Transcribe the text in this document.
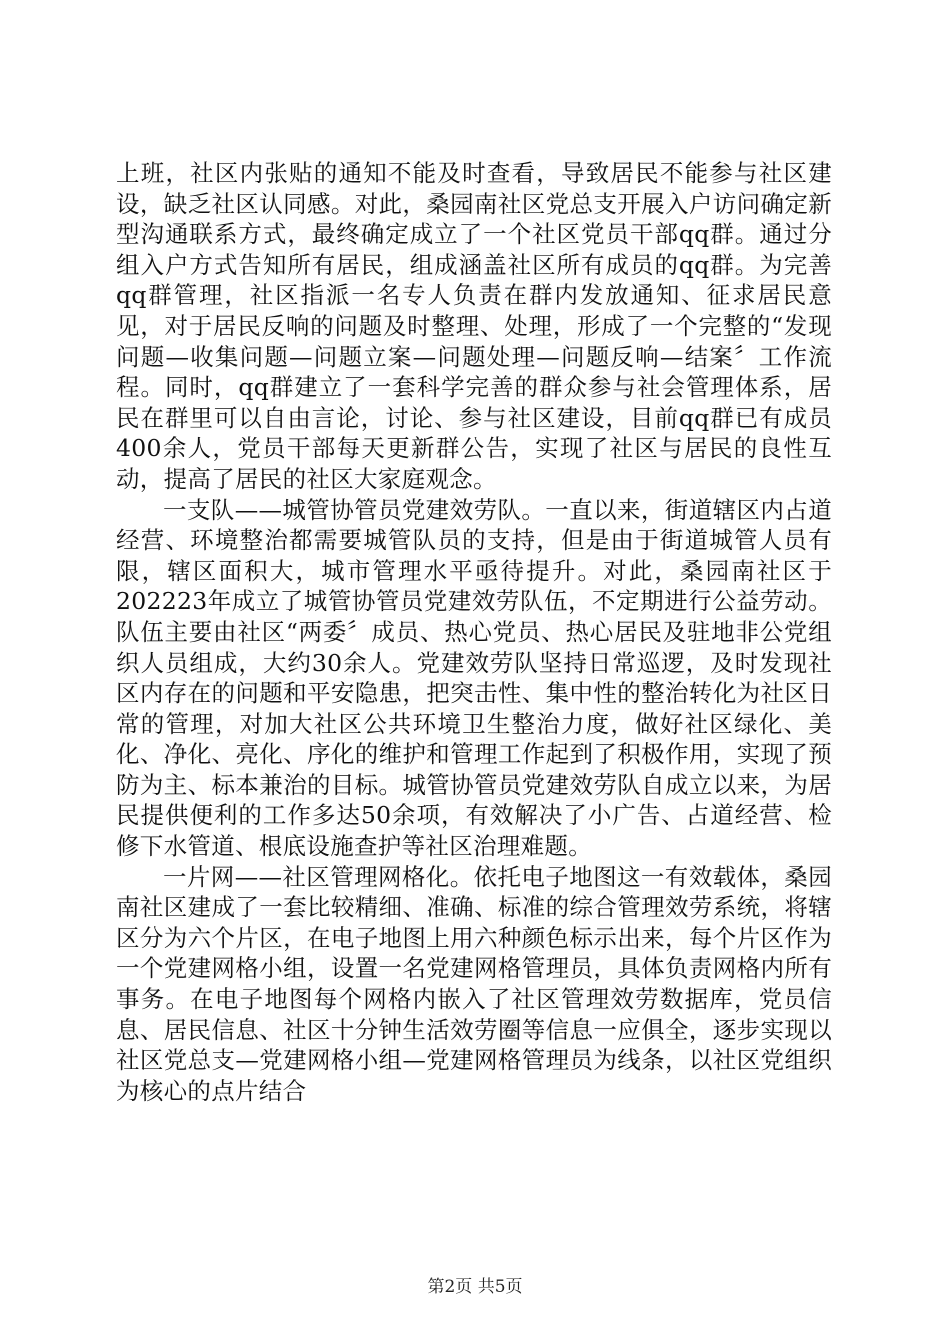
上班，社区内张贴的通知不能及时查看，导致居民不能参与社区建设，缺乏社区认同感。对此，桑园南社区党总支开展入户访问确定新型沟通联系方式，最终确定成立了一个社区党员干部qq群。通过分组入户方式告知所有居民，组成涵盖社区所有成员的qq群。为完善qq群管理，社区指派一名专人负责在群内发放通知、征求居民意见，对于居民反响的问题及时整理、处理，形成了一个完整的“发现问题—收集问题—问题立案—问题处理—问题反响—结案〞工作流程。同时，qq群建立了一套科学完善的群众参与社会管理体系，居民在群里可以自由言论，讨论、参与社区建设，目前qq群已有成员400余人，党员干部每天更新群公告，实现了社区与居民的良性互动，提高了居民的社区大家庭观念。

一支队——城管协管员党建效劳队。一直以来，街道辖区内占道经营、环境整治都需要城管队员的支持，但是由于街道城管人员有限，辖区面积大，城市管理水平亟待提升。对此，桑园南社区于202223年成立了城管协管员党建效劳队伍，不定期进行公益劳动。队伍主要由社区“两委〞成员、热心党员、热心居民及驻地非公党组织人员组成，大约30余人。党建效劳队坚持日常巡逻，及时发现社区内存在的问题和平安隐患，把突击性、集中性的整治转化为社区日常的管理，对加大社区公共环境卫生整治力度，做好社区绿化、美化、净化、亮化、序化的维护和管理工作起到了积极作用，实现了预防为主、标本兼治的目标。城管协管员党建效劳队自成立以来，为居民提供便利的工作多达50余项，有效解决了小广告、占道经营、检修下水管道、根底设施查护等社区治理难题。

一片网——社区管理网格化。依托电子地图这一有效载体，桑园南社区建成了一套比较精细、准确、标准的综合管理效劳系统，将辖区分为六个片区，在电子地图上用六种颜色标示出来，每个片区作为一个党建网格小组，设置一名党建网格管理员，具体负责网格内所有事务。在电子地图每个网格内嵌入了社区管理效劳数据库，党员信息、居民信息、社区十分钟生活效劳圈等信息一应俱全，逐步实现以社区党总支—党建网格小组—党建网格管理员为线条，以社区党组织为核心的点片结合

第2页 共5页
